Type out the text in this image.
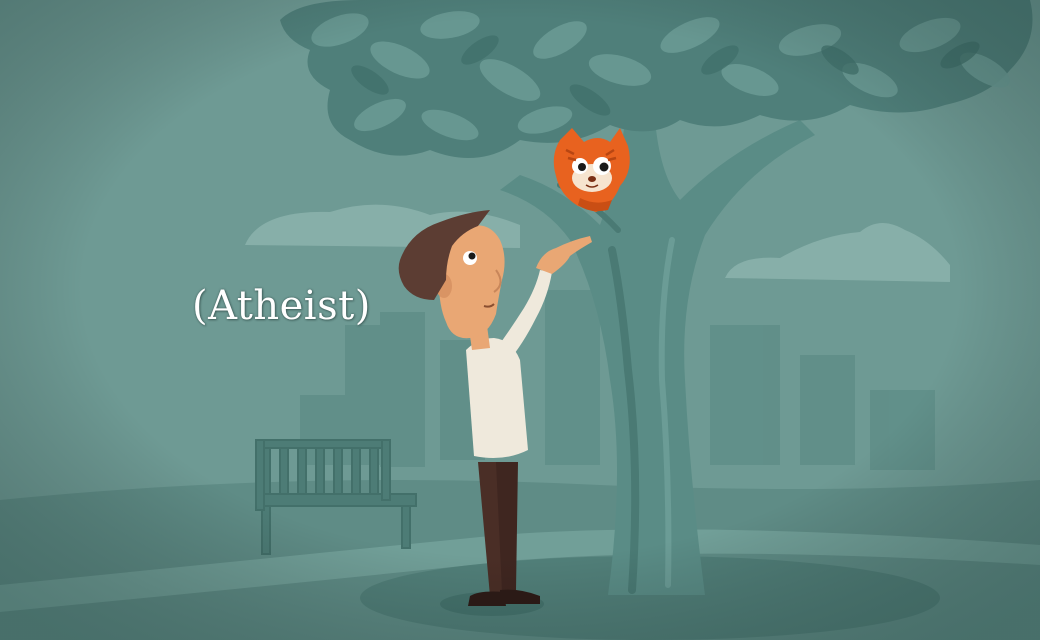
(Atheist)
